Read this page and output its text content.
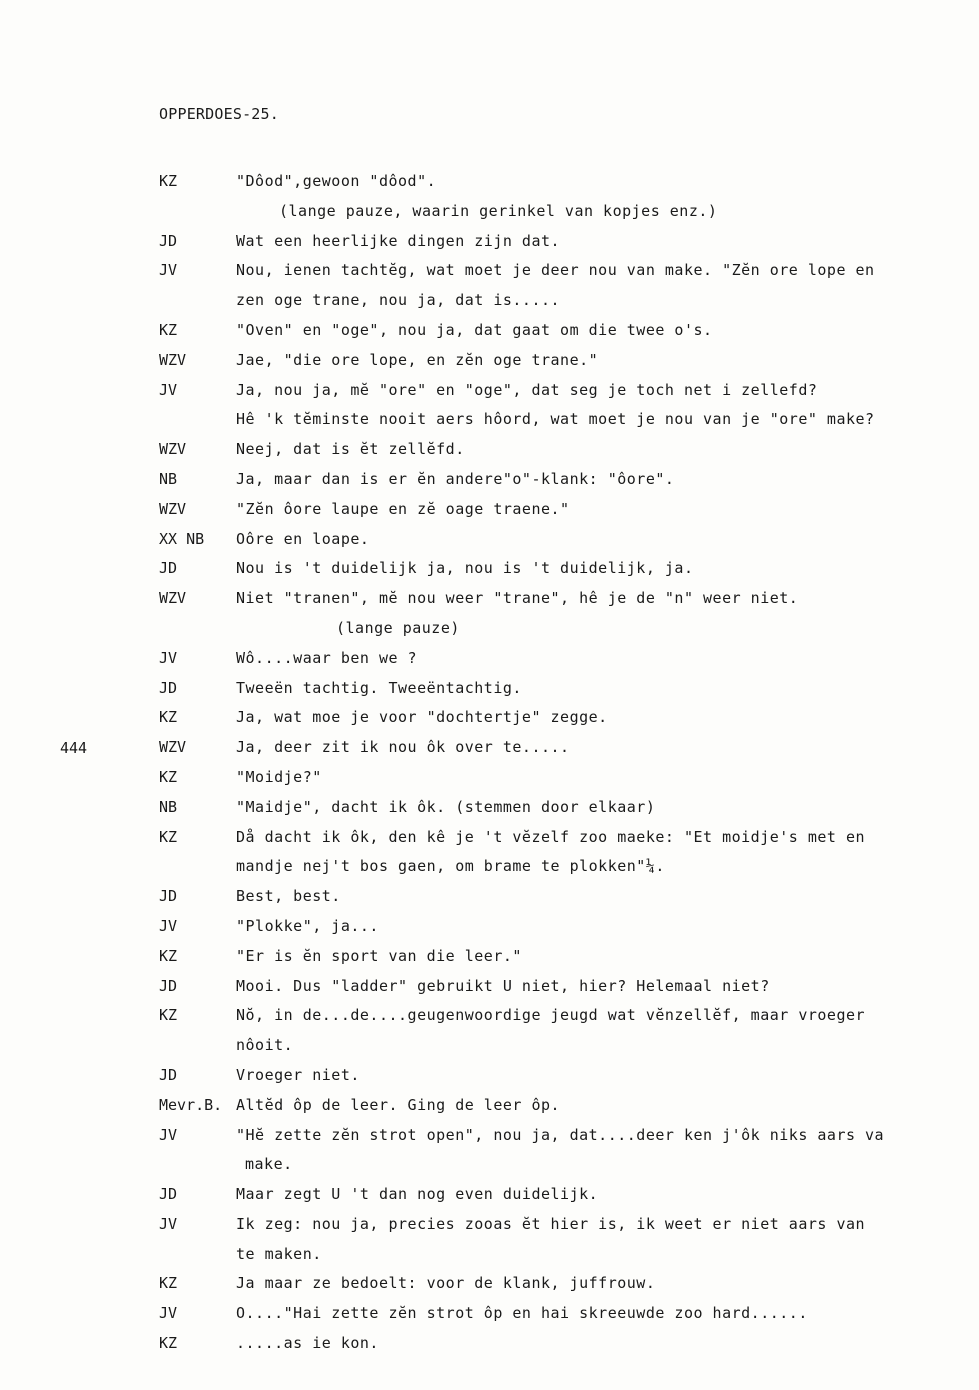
OPPERDOES-25.
444
KZ	"Dôod",gewoon "dôod".
(lange pauze, waarin gerinkel van kopjes enz.)
JD	Wat een heerlijke dingen zijn dat.
JV	Nou, ienen tachtĕg, wat moet je deer nou van make. "Zĕn ore lope en
zen oge trane, nou ja, dat is.....
KZ	"Oven" en "oge", nou ja, dat gaat om die twee o's.
WZV	Jae, "die ore lope, en zĕn oge trane."
JV	Ja, nou ja, mĕ "ore" en "oge", dat seg je toch net i zellefd?
Hê 'k tĕminste nooit aers hôord, wat moet je nou van je "ore" make?
WZV	Neej, dat is ĕt zellĕfd.
NB	Ja, maar dan is er ĕn andere"o"-klank: "ôore".
WZV	"Zĕn ôore laupe en zĕ oage traene."
XX NB	Oôre en loape.
JD	Nou is 't duidelijk ja, nou is 't duidelijk, ja.
WZV	Niet "tranen", mĕ nou weer "trane", hê je de "n" weer niet.
(lange pauze)
JV	Wô....waar ben we ?
JD	Tweeën tachtig. Tweeëntachtig.
KZ	Ja, wat moe je voor "dochtertje" zegge.
WZV	Ja, deer zit ik nou ôk over te.....
KZ	"Moidje?"
NB	"Maidje", dacht ik ôk. (stemmen door elkaar)
KZ	Då dacht ik ôk, den kê je 't vĕzelf zoo maeke: "Et moidje's met en
mandje nej't bos gaen, om brame te plokken"¼.
JD	Best, best.
JV	"Plokke", ja...
KZ	"Er is ĕn sport van die leer."
JD	Mooi. Dus "ladder" gebruikt U niet, hier? Helemaal niet?
KZ	Nŏ, in de...de....geugenwoordige jeugd wat vĕnzellĕf, maar vroeger
nôoit.
JD	Vroeger niet.
Mevr.B. Altĕd ôp de leer. Ging de leer ôp.
JV	"Hĕ zette zĕn strot open", nou ja, dat....deer ken j'ôk niks aars va
make.
JD	Maar zegt U 't dan nog even duidelijk.
JV	Ik zeg: nou ja, precies zooas ĕt hier is, ik weet er niet aars van
te maken.
KZ	Ja maar ze bedoelt: voor de klank, juffrouw.
JV	O...."Hai zette zĕn strot ôp en hai skreeuwde zoo hard......
KZ	.....as ie kon.
